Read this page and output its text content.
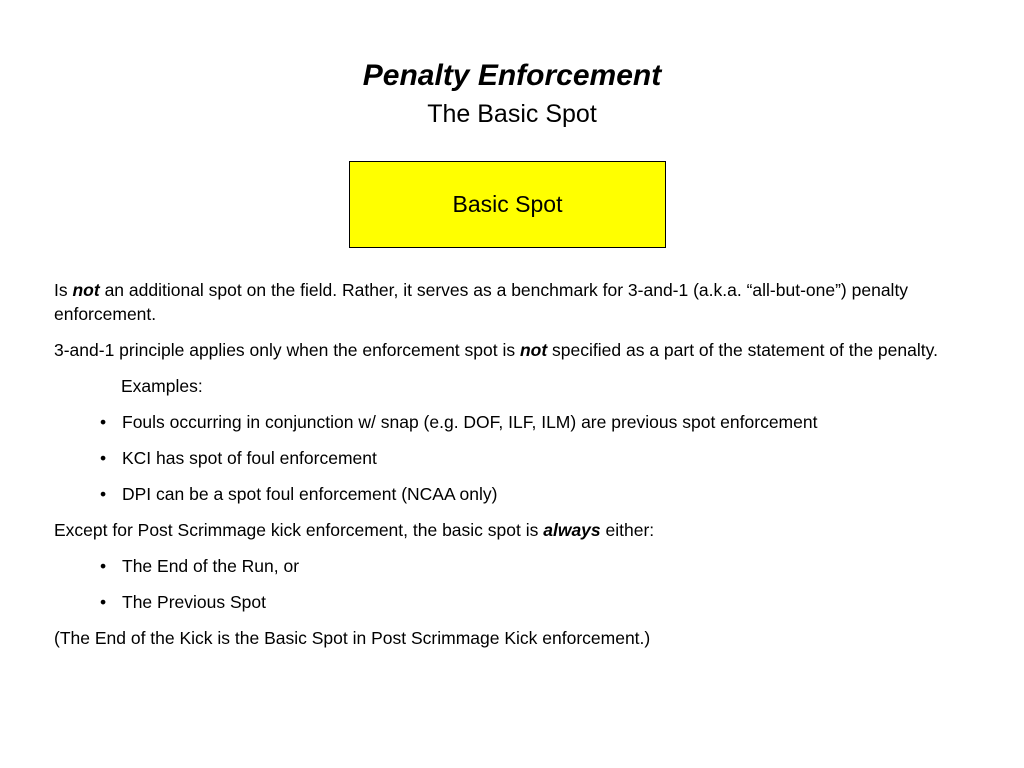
Penalty Enforcement
The Basic Spot
Basic Spot

Is not an additional spot on the field. Rather, it serves as a benchmark for 3-and-1 (a.k.a. “all-but-one”) penalty enforcement.

3-and-1 principle applies only when the enforcement spot is not specified as a part of the statement of the penalty.

Examples:

• Fouls occurring in conjunction w/ snap (e.g. DOF, ILF, ILM) are previous spot enforcement
• KCI has spot of foul enforcement
• DPI can be a spot foul enforcement (NCAA only)

Except for Post Scrimmage kick enforcement, the basic spot is always either:

• The End of the Run, or
• The Previous Spot

(The End of the Kick is the Basic Spot in Post Scrimmage Kick enforcement.)
